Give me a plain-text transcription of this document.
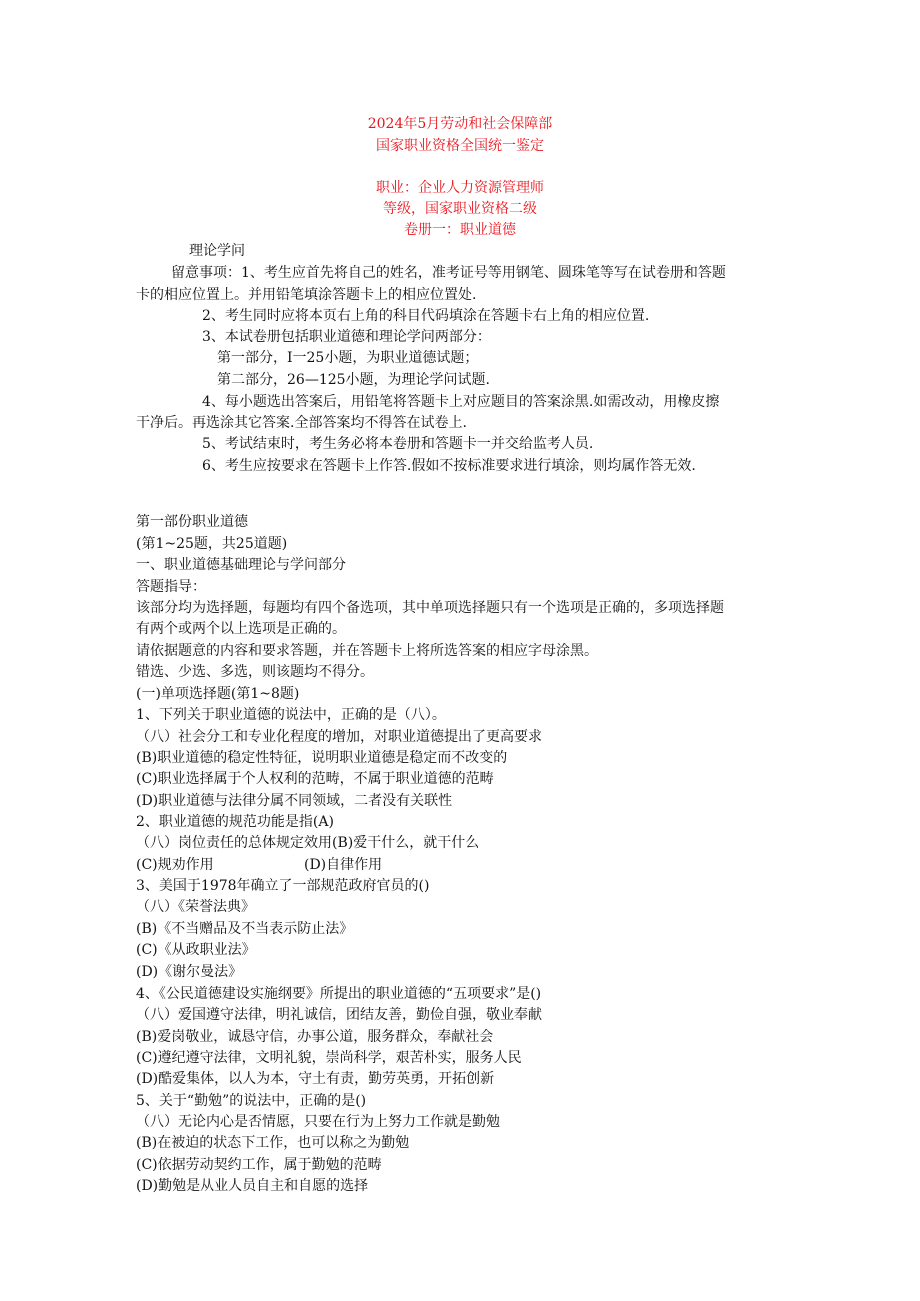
2024年5月劳动和社会保障部
国家职业资格全国统一鉴定
职业：企业人力资源管理师
等级，国家职业资格二级
卷册一：职业道德
理论学问
留意事项：1、考生应首先将自己的姓名，准考证号等用钢笔、圆珠笔等写在试卷册和答题
卡的相应位置上。并用铅笔填涂答题卡上的相应位置处.
2、考生同时应将本页右上角的科目代码填涂在答题卡右上角的相应位置.
3、本试卷册包括职业道德和理论学问两部分：
第一部分，I一25小题，为职业道德试题；
第二部分，26—125小题，为理论学问试题.
4、每小题选出答案后，用铅笔将答题卡上对应题目的答案涂黑.如需改动，用橡皮擦
干净后。再选涂其它答案.全部答案均不得答在试卷上.
5、考试结束时，考生务必将本卷册和答题卡一并交给监考人员.
6、考生应按要求在答题卡上作答.假如不按标准要求进行填涂，则均属作答无效.
第一部份职业道德
(第1~25题，共25道题)
一、职业道德基础理论与学问部分
答题指导：
该部分均为选择题，每题均有四个备选项，其中单项选择题只有一个选项是正确的，多项选择题
有两个或两个以上选项是正确的。
请依据题意的内容和要求答题，并在答题卡上将所选答案的相应字母涂黑。
错选、少选、多选，则该题均不得分。
(一)单项选择题(第1~8题)
1、下列关于职业道德的说法中，正确的是（八）。
（八）社会分工和专业化程度的增加，对职业道德提出了更高要求
(B)职业道德的稳定性特征，说明职业道德是稳定而不改变的
(C)职业选择属于个人权利的范畴，不属于职业道德的范畴
(D)职业道德与法律分属不同领域，二者没有关联性
2、职业道德的规范功能是指(A)
（八）岗位责任的总体规定效用(B)爱干什么，就干什么
(C)规劝作用	(D)自律作用
3、美国于1978年确立了一部规范政府官员的()
（八）《荣誉法典》
(B)《不当赠品及不当表示防止法》
(C)《从政职业法》
(D)《谢尔曼法》
4、《公民道德建设实施纲要》所提出的职业道德的“五项要求”是()
（八）爱国遵守法律，明礼诚信，团结友善，勤俭自强，敬业奉献
(B)爱岗敬业，诚恳守信，办事公道，服务群众，奉献社会
(C)遵纪遵守法律，文明礼貌，崇尚科学，艰苦朴实，服务人民
(D)酷爱集体，以人为本，守土有责，勤劳英勇，开拓创新
5、关于“勤勉”的说法中，正确的是()
（八）无论内心是否情愿，只要在行为上努力工作就是勤勉
(B)在被迫的状态下工作，也可以称之为勤勉
(C)依据劳动契约工作，属于勤勉的范畴
(D)勤勉是从业人员自主和自愿的选择
